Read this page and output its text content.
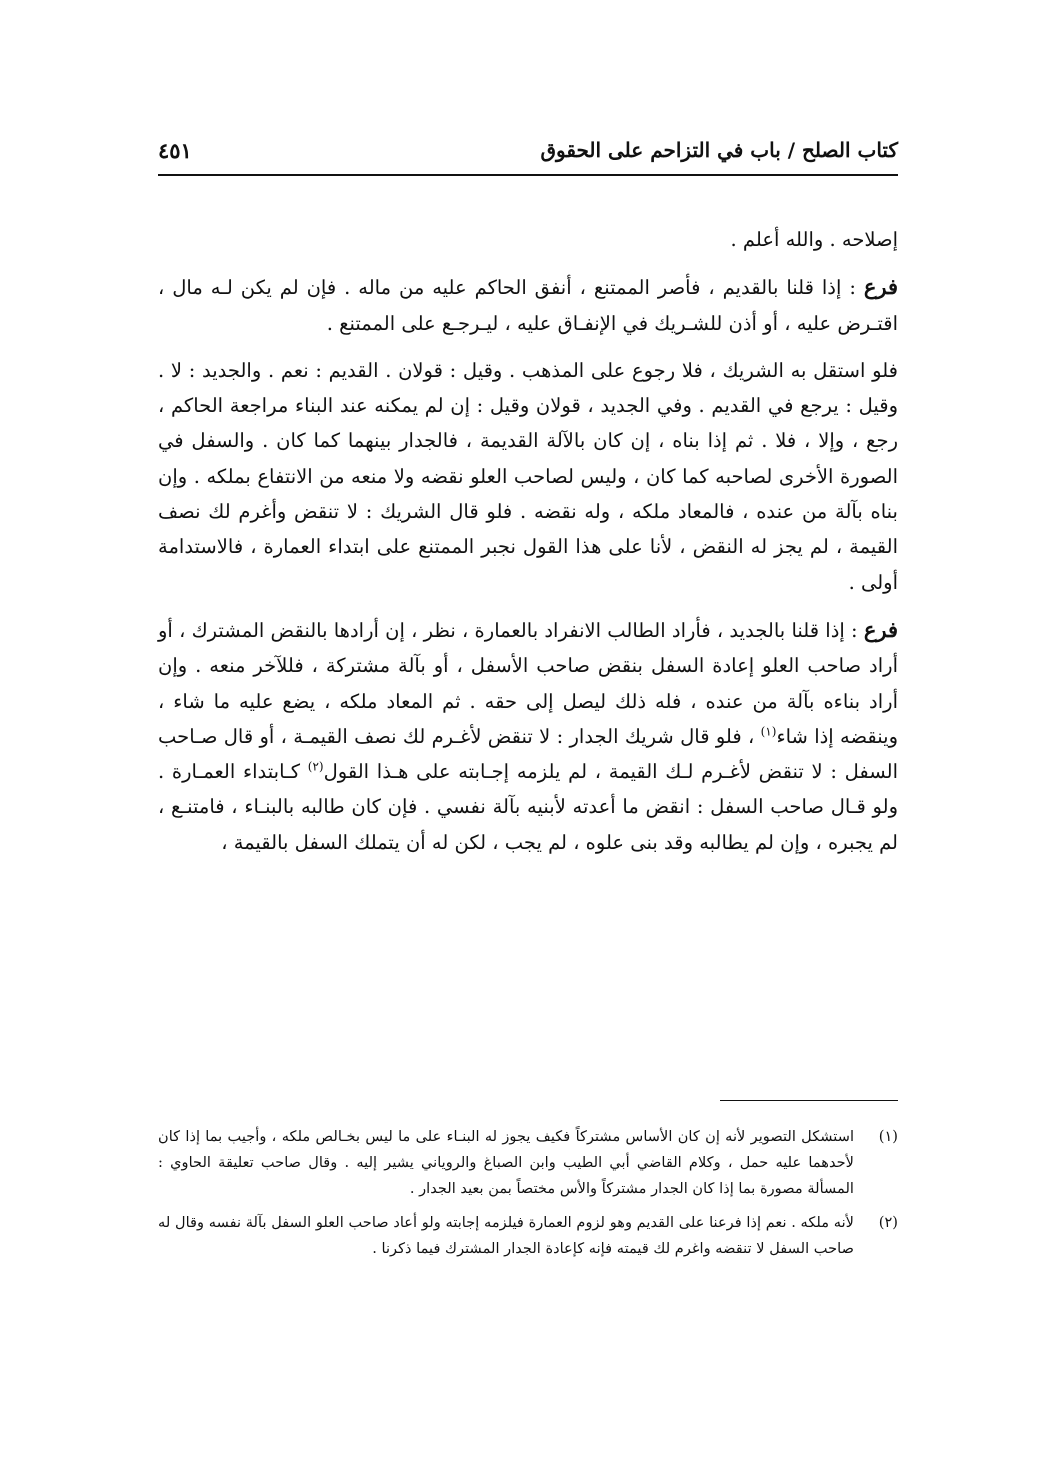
كتاب الصلح / باب في التزاحم على الحقوق
٤٥١

إصلاحه . والله أعلم .

فرع : إذا قلنا بالقديم ، فأصر الممتنع ، أنفق الحاكم عليه من ماله . فإن لم يكن لـه مال ، اقتـرض عليه ، أو أذن للشـريك في الإنفـاق عليه ، ليـرجـع على الممتنع .

فلو استقل به الشريك ، فلا رجوع على المذهب . وقيل : قولان . القديم : نعم . والجديد : لا . وقيل : يرجع في القديم . وفي الجديد ، قولان وقيل : إن لم يمكنه عند البناء مراجعة الحاكم ، رجع ، وإلا ، فلا . ثم إذا بناه ، إن كان بالآلة القديمة ، فالجدار بينهما كما كان . والسفل في الصورة الأخرى لصاحبه كما كان ، وليس لصاحب العلو نقضه ولا منعه من الانتفاع بملكه . وإن بناه بآلة من عنده ، فالمعاد ملكه ، وله نقضه . فلو قال الشريك : لا تنقض وأغرم لك نصف القيمة ، لم يجز له النقض ، لأنا على هذا القول نجبر الممتنع على ابتداء العمارة ، فالاستدامة أولى .

فرع : إذا قلنا بالجديد ، فأراد الطالب الانفراد بالعمارة ، نظر ، إن أرادها بالنقض المشترك ، أو أراد صاحب العلو إعادة السفل بنقض صاحب الأسفل ، أو بآلة مشتركة ، فللآخر منعه . وإن أراد بناءه بآلة من عنده ، فله ذلك ليصل إلى حقه . ثم المعاد ملكه ، يضع عليه ما شاء ، وينقضه إذا شاء$^{(١)}$ ، فلو قال شريك الجدار : لا تنقض لأغـرم لك نصف القيمـة ، أو قال صـاحب السفل : لا تنقض لأغـرم لـك القيمة ، لم يلزمه إجـابته على هـذا القول$^{(٢)}$ كـابتداء العمـارة . ولو قـال صاحب السفل : انقض ما أعدته لأبنيه بآلة نفسي . فإن كان طالبه بالبنـاء ، فامتنـع ، لم يجبره ، وإن لم يطالبه وقد بنى علوه ، لم يجب ، لكن له أن يتملك السفل بالقيمة ،

(١)
استشكل التصوير لأنه إن كان الأساس مشتركاً فكيف يجوز له البنـاء على ما ليس بخـالص ملكه ، وأجيب بما إذا كان لأحدهما عليه حمل ، وكلام القاضي أبي الطيب وابن الصباغ والروياني يشير إليه . وقال صاحب تعليقة الحاوي : المسألة مصورة بما إذا كان الجدار مشتركاً والأس مختصاً بمن بعيد الجدار .
(٢)
لأنه ملكه . نعم إذا فرعنا على القديم وهو لزوم العمارة فيلزمه إجابته ولو أعاد صاحب العلو السفل بآلة نفسه وقال له صاحب السفل لا تنقضه واغرم لك قيمته فإنه كإعادة الجدار المشترك فيما ذكرنا .
